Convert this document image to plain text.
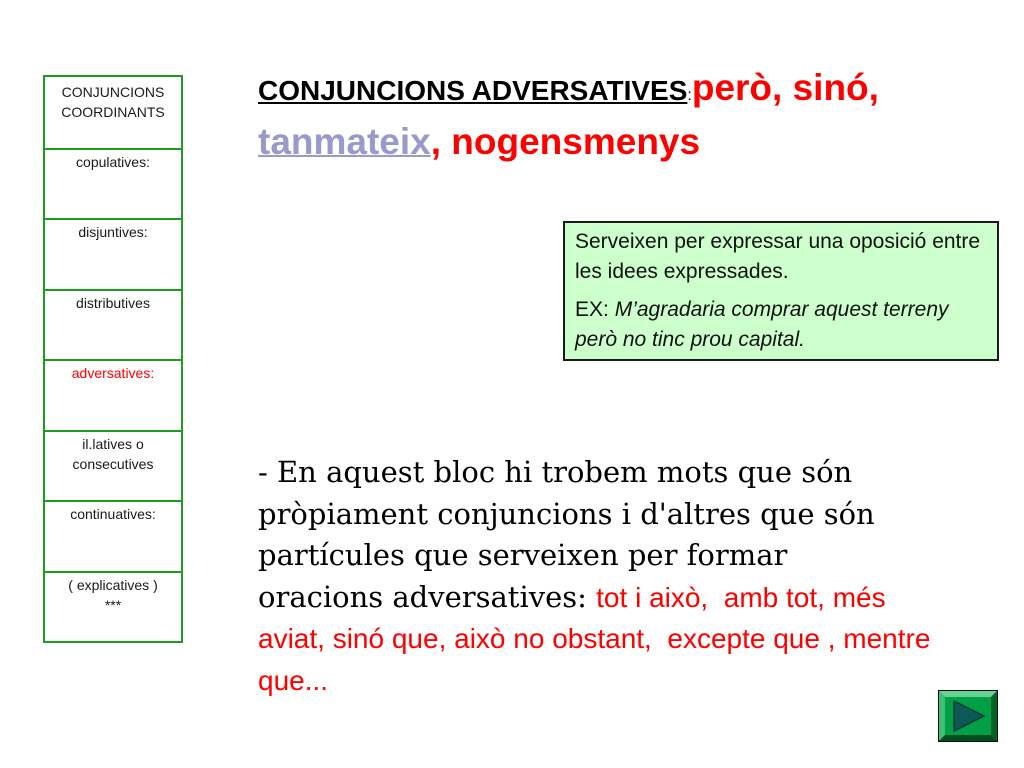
CONJUNCIONS
COORDINANTS
copulatives:
disjuntives:
distributives
adversatives:
il.latives o
consecutives
continuatives:
( explicatives )
***
CONJUNCIONS ADVERSATIVES:però, sinó,
tanmateix, nogensmenys
Serveixen per expressar una oposició entre
les idees expressades.
EX: M’agradaria comprar aquest terreny
però no tinc prou capital.
- En aquest bloc hi trobem mots que són
pròpiament conjuncions i d'altres que són
partícules que serveixen per formar
oracions adversatives: tot i això,  amb tot, més
aviat, sinó que, això no obstant,  excepte que , mentre
que...
